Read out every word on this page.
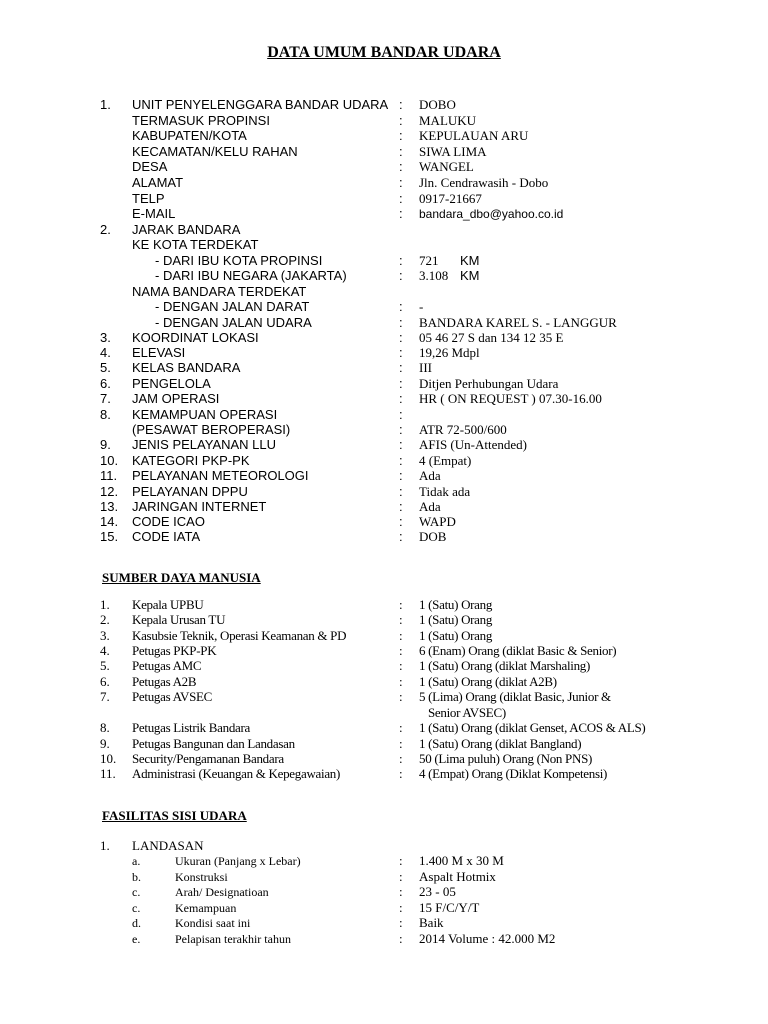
DATA UMUM BANDAR UDARA
1. UNIT PENYELENGGARA BANDAR UDARA : DOBO
TERMASUK PROPINSI	: MALUKU
KABUPATEN/KOTA	: KEPULAUAN ARU
KECAMATAN/KELU RAHAN	: SIWA LIMA
DESA	: WANGEL
ALAMAT	: Jln. Cendrawasih - Dobo
TELP	: 0917-21667
E-MAIL	: bandara_dbo@yahoo.co.id
2. JARAK BANDARA
KE KOTA TERDEKAT
- DARI IBU KOTA PROPINSI	: 721 KM
- DARI IBU NEGARA (JAKARTA)	: 3.108 KM
NAMA BANDARA TERDEKAT
- DENGAN JALAN DARAT	: -
- DENGAN JALAN UDARA	: BANDARA KAREL S. - LANGGUR
3. KOORDINAT LOKASI	: 05 46 27 S dan 134 12 35 E
4. ELEVASI	: 19,26 Mdpl
5. KELAS BANDARA	: III
6. PENGELOLA	: Ditjen Perhubungan Udara
7. JAM OPERASI	: HR ( ON REQUEST ) 07.30-16.00
8. KEMAMPUAN OPERASI	:
(PESAWAT BEROPERASI)	: ATR 72-500/600
9. JENIS PELAYANAN LLU	: AFIS (Un-Attended)
10. KATEGORI PKP-PK	: 4 (Empat)
11. PELAYANAN METEOROLOGI	: Ada
12. PELAYANAN DPPU	: Tidak ada
13. JARINGAN INTERNET	: Ada
14. CODE ICAO	: WAPD
15. CODE IATA	: DOB
SUMBER DAYA MANUSIA
1. Kepala UPBU	: 1 (Satu) Orang
2. Kepala Urusan TU	: 1 (Satu) Orang
3. Kasubsie Teknik, Operasi Keamanan & PD	: 1 (Satu) Orang
4. Petugas PKP-PK	: 6 (Enam) Orang (diklat Basic & Senior)
5. Petugas AMC	: 1 (Satu) Orang (diklat Marshaling)
6. Petugas A2B	: 1 (Satu) Orang (diklat A2B)
7. Petugas AVSEC	: 5 (Lima) Orang (diklat Basic, Junior &
Senior AVSEC)
8. Petugas Listrik Bandara	: 1 (Satu) Orang (diklat Genset, ACOS & ALS)
9. Petugas Bangunan dan Landasan	: 1 (Satu) Orang (diklat Bangland)
10. Security/Pengamanan Bandara	: 50 (Lima puluh) Orang (Non PNS)
11. Administrasi (Keuangan & Kepegawaian)	: 4 (Empat) Orang (Diklat Kompetensi)
FASILITAS SISI UDARA
1. LANDASAN
a.	Ukuran (Panjang x Lebar)	: 1.400 M x 30 M
b.	Konstruksi	: Aspalt Hotmix
c.	Arah/ Designatioan	: 23 - 05
c.	Kemampuan	: 15 F/C/Y/T
d.	Kondisi saat ini	: Baik
e.	Pelapisan terakhir tahun	: 2014 Volume : 42.000 M2
